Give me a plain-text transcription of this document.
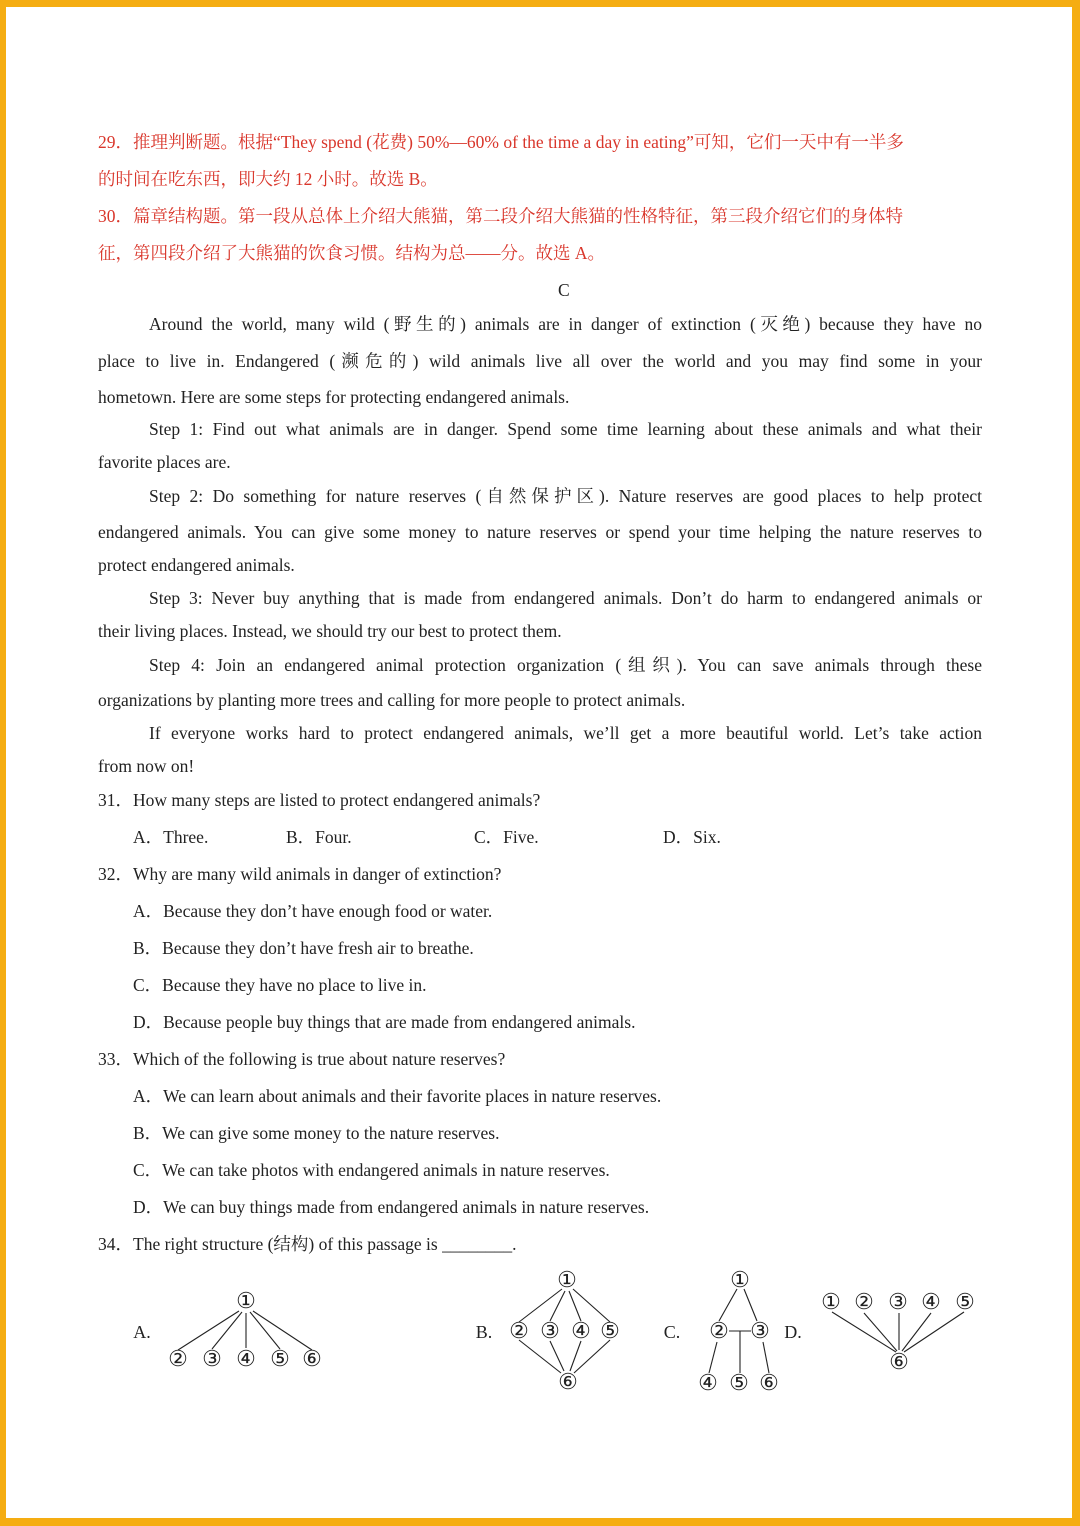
29．推理判断题。根据“They spend (花费) 50%—60% of the time a day in eating”可知，它们一天中有一半多
的时间在吃东西，即大约 12 小时。故选 B。
30．篇章结构题。第一段从总体上介绍大熊猫，第二段介绍大熊猫的性格特征，第三段介绍它们的身体特
征，第四段介绍了大熊猫的饮食习惯。结构为总——分。故选 A。
C
Around the world, many wild (野生的) animals are in danger of extinction (灭绝) because they have no
place to live in. Endangered (濒危的) wild animals live all over the world and you may find some in your
hometown. Here are some steps for protecting endangered animals.
Step 1: Find out what animals are in danger. Spend some time learning about these animals and what their
favorite places are.
Step 2: Do something for nature reserves (自然保护区). Nature reserves are good places to help protect
endangered animals. You can give some money to nature reserves or spend your time helping the nature reserves to
protect endangered animals.
Step 3: Never buy anything that is made from endangered animals. Don’t do harm to endangered animals or
their living places. Instead, we should try our best to protect them.
Step 4: Join an endangered animal protection organization (组织). You can save animals through these
organizations by planting more trees and calling for more people to protect animals.
If everyone works hard to protect endangered animals, we’ll get a more beautiful world. Let’s take action
from now on!
31．How many steps are listed to protect endangered animals?
A．Three.	B．Four.	C．Five.	D．Six.
32．Why are many wild animals in danger of extinction?
A．Because they don’t have enough food or water.
B．Because they don’t have fresh air to breathe.
C．Because they have no place to live in.
D．Because people buy things that are made from endangered animals.
33．Which of the following is true about nature reserves?
A．We can learn about animals and their favorite places in nature reserves.
B．We can give some money to the nature reserves.
C．We can take photos with endangered animals in nature reserves.
D．We can buy things made from endangered animals in nature reserves.
34．The right structure (结构) of this passage is ________.
A.	B.	C.	D.
①
② ③ ④ ⑤ ⑥
①
② ③ ④ ⑤
⑥
①
② ③
④ ⑤ ⑥
① ② ③ ④ ⑤
⑥
